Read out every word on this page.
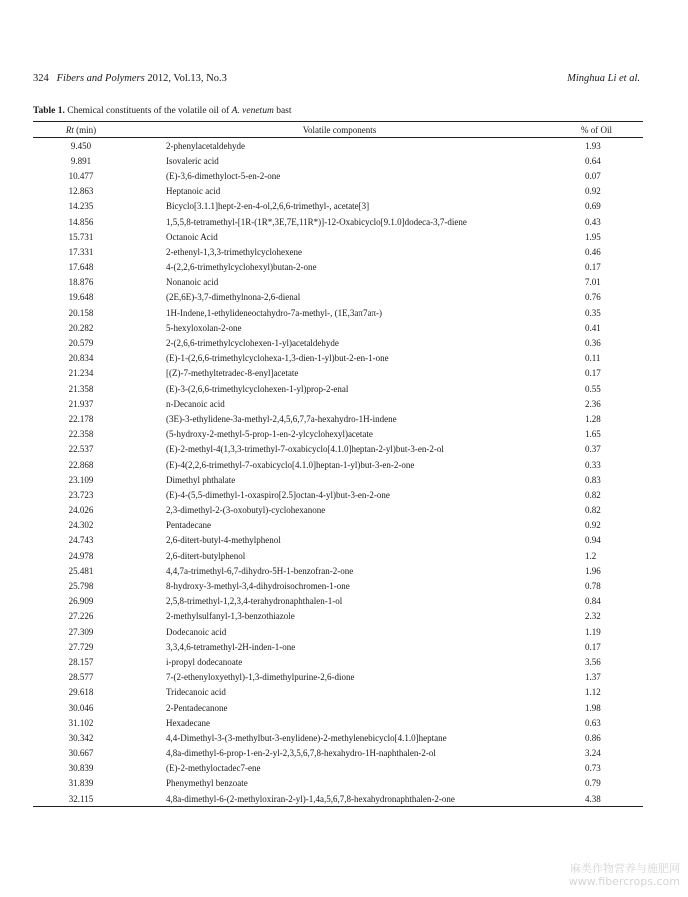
324 Fibers and Polymers 2012, Vol.13, No.3	Minghua Li et al.
Table 1. Chemical constituents of the volatile oil of A. venetum bast
Rt (min)	Volatile components	% of Oil
9.450	2-phenylacetaldehyde	1.93
9.891	Isovaleric acid	0.64
10.477	(E)-3,6-dimethyloct-5-en-2-one	0.07
12.863	Heptanoic acid	0.92
14.235	Bicyclo[3.1.1]hept-2-en-4-ol,2,6,6-trimethyl-, acetate[3]	0.69
14.856	1,5,5,8-tetramethyl-[1R-(1R*,3E,7E,11R*)]-12-Oxabicyclo[9.1.0]dodeca-3,7-diene	0.43
15.731	Octanoic Acid	1.95
17.331	2-ethenyl-1,3,3-trimethylcyclohexene	0.46
17.648	4-(2,2,6-trimethylcyclohexyl)butan-2-one	0.17
18.876	Nonanoic acid	7.01
19.648	(2E,6E)-3,7-dimethylnona-2,6-dienal	0.76
20.158	1H-Indene,1-ethylideneoctahydro-7a-methyl-, (1E,3aπ7aπ-)	0.35
20.282	5-hexyloxolan-2-one	0.41
20.579	2-(2,6,6-trimethylcyclohexen-1-yl)acetaldehyde	0.36
20.834	(E)-1-(2,6,6-trimethylcyclohexa-1,3-dien-1-yl)but-2-en-1-one	0.11
21.234	[(Z)-7-methyltetradec-8-enyl]acetate	0.17
21.358	(E)-3-(2,6,6-trimethylcyclohexen-1-yl)prop-2-enal	0.55
21.937	n-Decanoic acid	2.36
22.178	(3E)-3-ethylidene-3a-methyl-2,4,5,6,7,7a-hexahydro-1H-indene	1.28
22.358	(5-hydroxy-2-methyl-5-prop-1-en-2-ylcyclohexyl)acetate	1.65
22.537	(E)-2-methyl-4(1,3,3-trimethyl-7-oxabicyclo[4.1.0]heptan-2-yl)but-3-en-2-ol	0.37
22.868	(E)-4(2,2,6-trimethyl-7-oxabicyclo[4.1.0]heptan-1-yl)but-3-en-2-one	0.33
23.109	Dimethyl phthalate	0.83
23.723	(E)-4-(5,5-dimethyl-1-oxaspiro[2.5]octan-4-yl)but-3-en-2-one	0.82
24.026	2,3-dimethyl-2-(3-oxobutyl)-cyclohexanone	0.82
24.302	Pentadecane	0.92
24.743	2,6-ditert-butyl-4-methylphenol	0.94
24.978	2,6-ditert-butylphenol	1.2
25.481	4,4,7a-trimethyl-6,7-dihydro-5H-1-benzofran-2-one	1.96
25.798	8-hydroxy-3-methyl-3,4-dihydroisochromen-1-one	0.78
26.909	2,5,8-trimethyl-1,2,3,4-terahydronaphthalen-1-ol	0.84
27.226	2-methylsulfanyl-1,3-benzothiazole	2.32
27.309	Dodecanoic acid	1.19
27.729	3,3,4,6-tetramethyl-2H-inden-1-one	0.17
28.157	i-propyl dodecanoate	3.56
28.577	7-(2-ethenyloxyethyl)-1,3-dimethylpurine-2,6-dione	1.37
29.618	Tridecanoic acid	1.12
30.046	2-Pentadecanone	1.98
31.102	Hexadecane	0.63
30.342	4,4-Dimethyl-3-(3-methylbut-3-enylidene)-2-methylenebicyclo[4.1.0]heptane	0.86
30.667	4,8a-dimethyl-6-prop-1-en-2-yl-2,3,5,6,7,8-hexahydro-1H-naphthalen-2-ol	3.24
30.839	(E)-2-methyloctadec7-ene	0.73
31.839	Phenymethyl benzoate	0.79
32.115	4,8a-dimethyl-6-(2-methyloxiran-2-yl)-1,4a,5,6,7,8-hexahydronaphthalen-2-one	4.38
麻类作物营养与施肥网
www.fibercrops.com
